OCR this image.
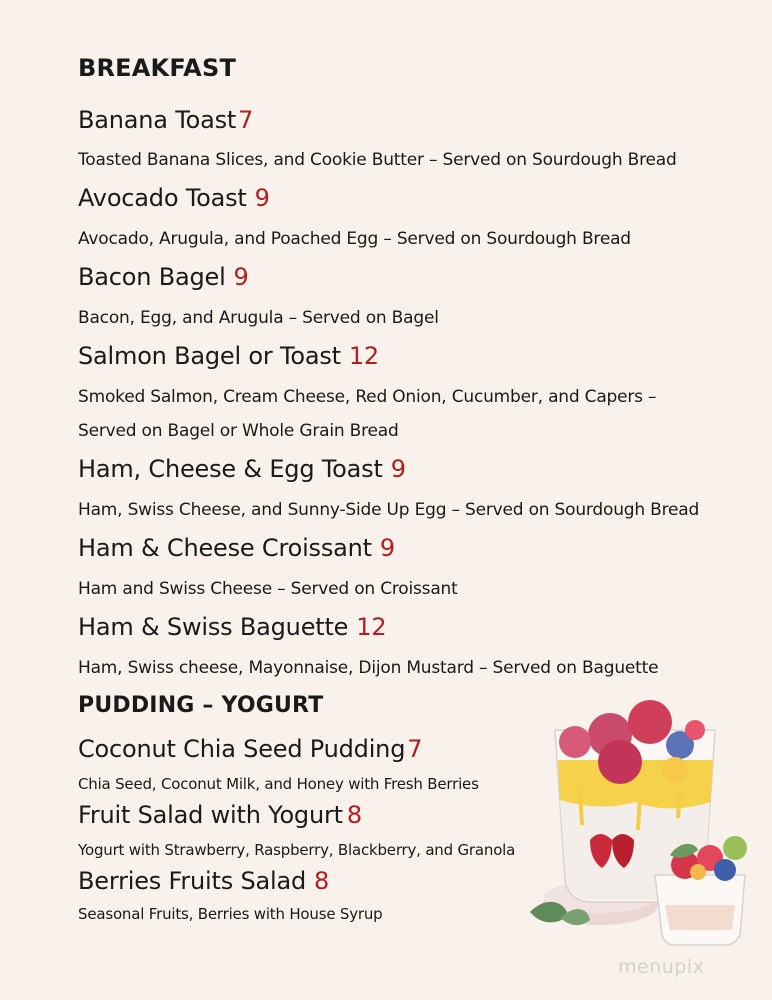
BREAKFAST
Banana Toast7
Toasted Banana Slices, and Cookie Butter – Served on Sourdough Bread
Avocado Toast 9
Avocado, Arugula, and Poached Egg – Served on Sourdough Bread
Bacon Bagel 9
Bacon, Egg, and Arugula – Served on Bagel
Salmon Bagel or Toast 12
Smoked Salmon, Cream Cheese, Red Onion, Cucumber, and Capers –
Served on Bagel or Whole Grain Bread
Ham, Cheese & Egg Toast 9
Ham, Swiss Cheese, and Sunny-Side Up Egg – Served on Sourdough Bread
Ham & Cheese Croissant 9
Ham and Swiss Cheese – Served on Croissant
Ham & Swiss Baguette 12
Ham, Swiss cheese, Mayonnaise, Dijon Mustard – Served on Baguette
PUDDING – YOGURT
Coconut Chia Seed Pudding7
Chia Seed, Coconut Milk, and Honey with Fresh Berries
Fruit Salad with Yogurt 8
Yogurt with Strawberry, Raspberry, Blackberry, and Granola
Berries Fruits Salad 8
Seasonal Fruits, Berries with House Syrup
menupix
